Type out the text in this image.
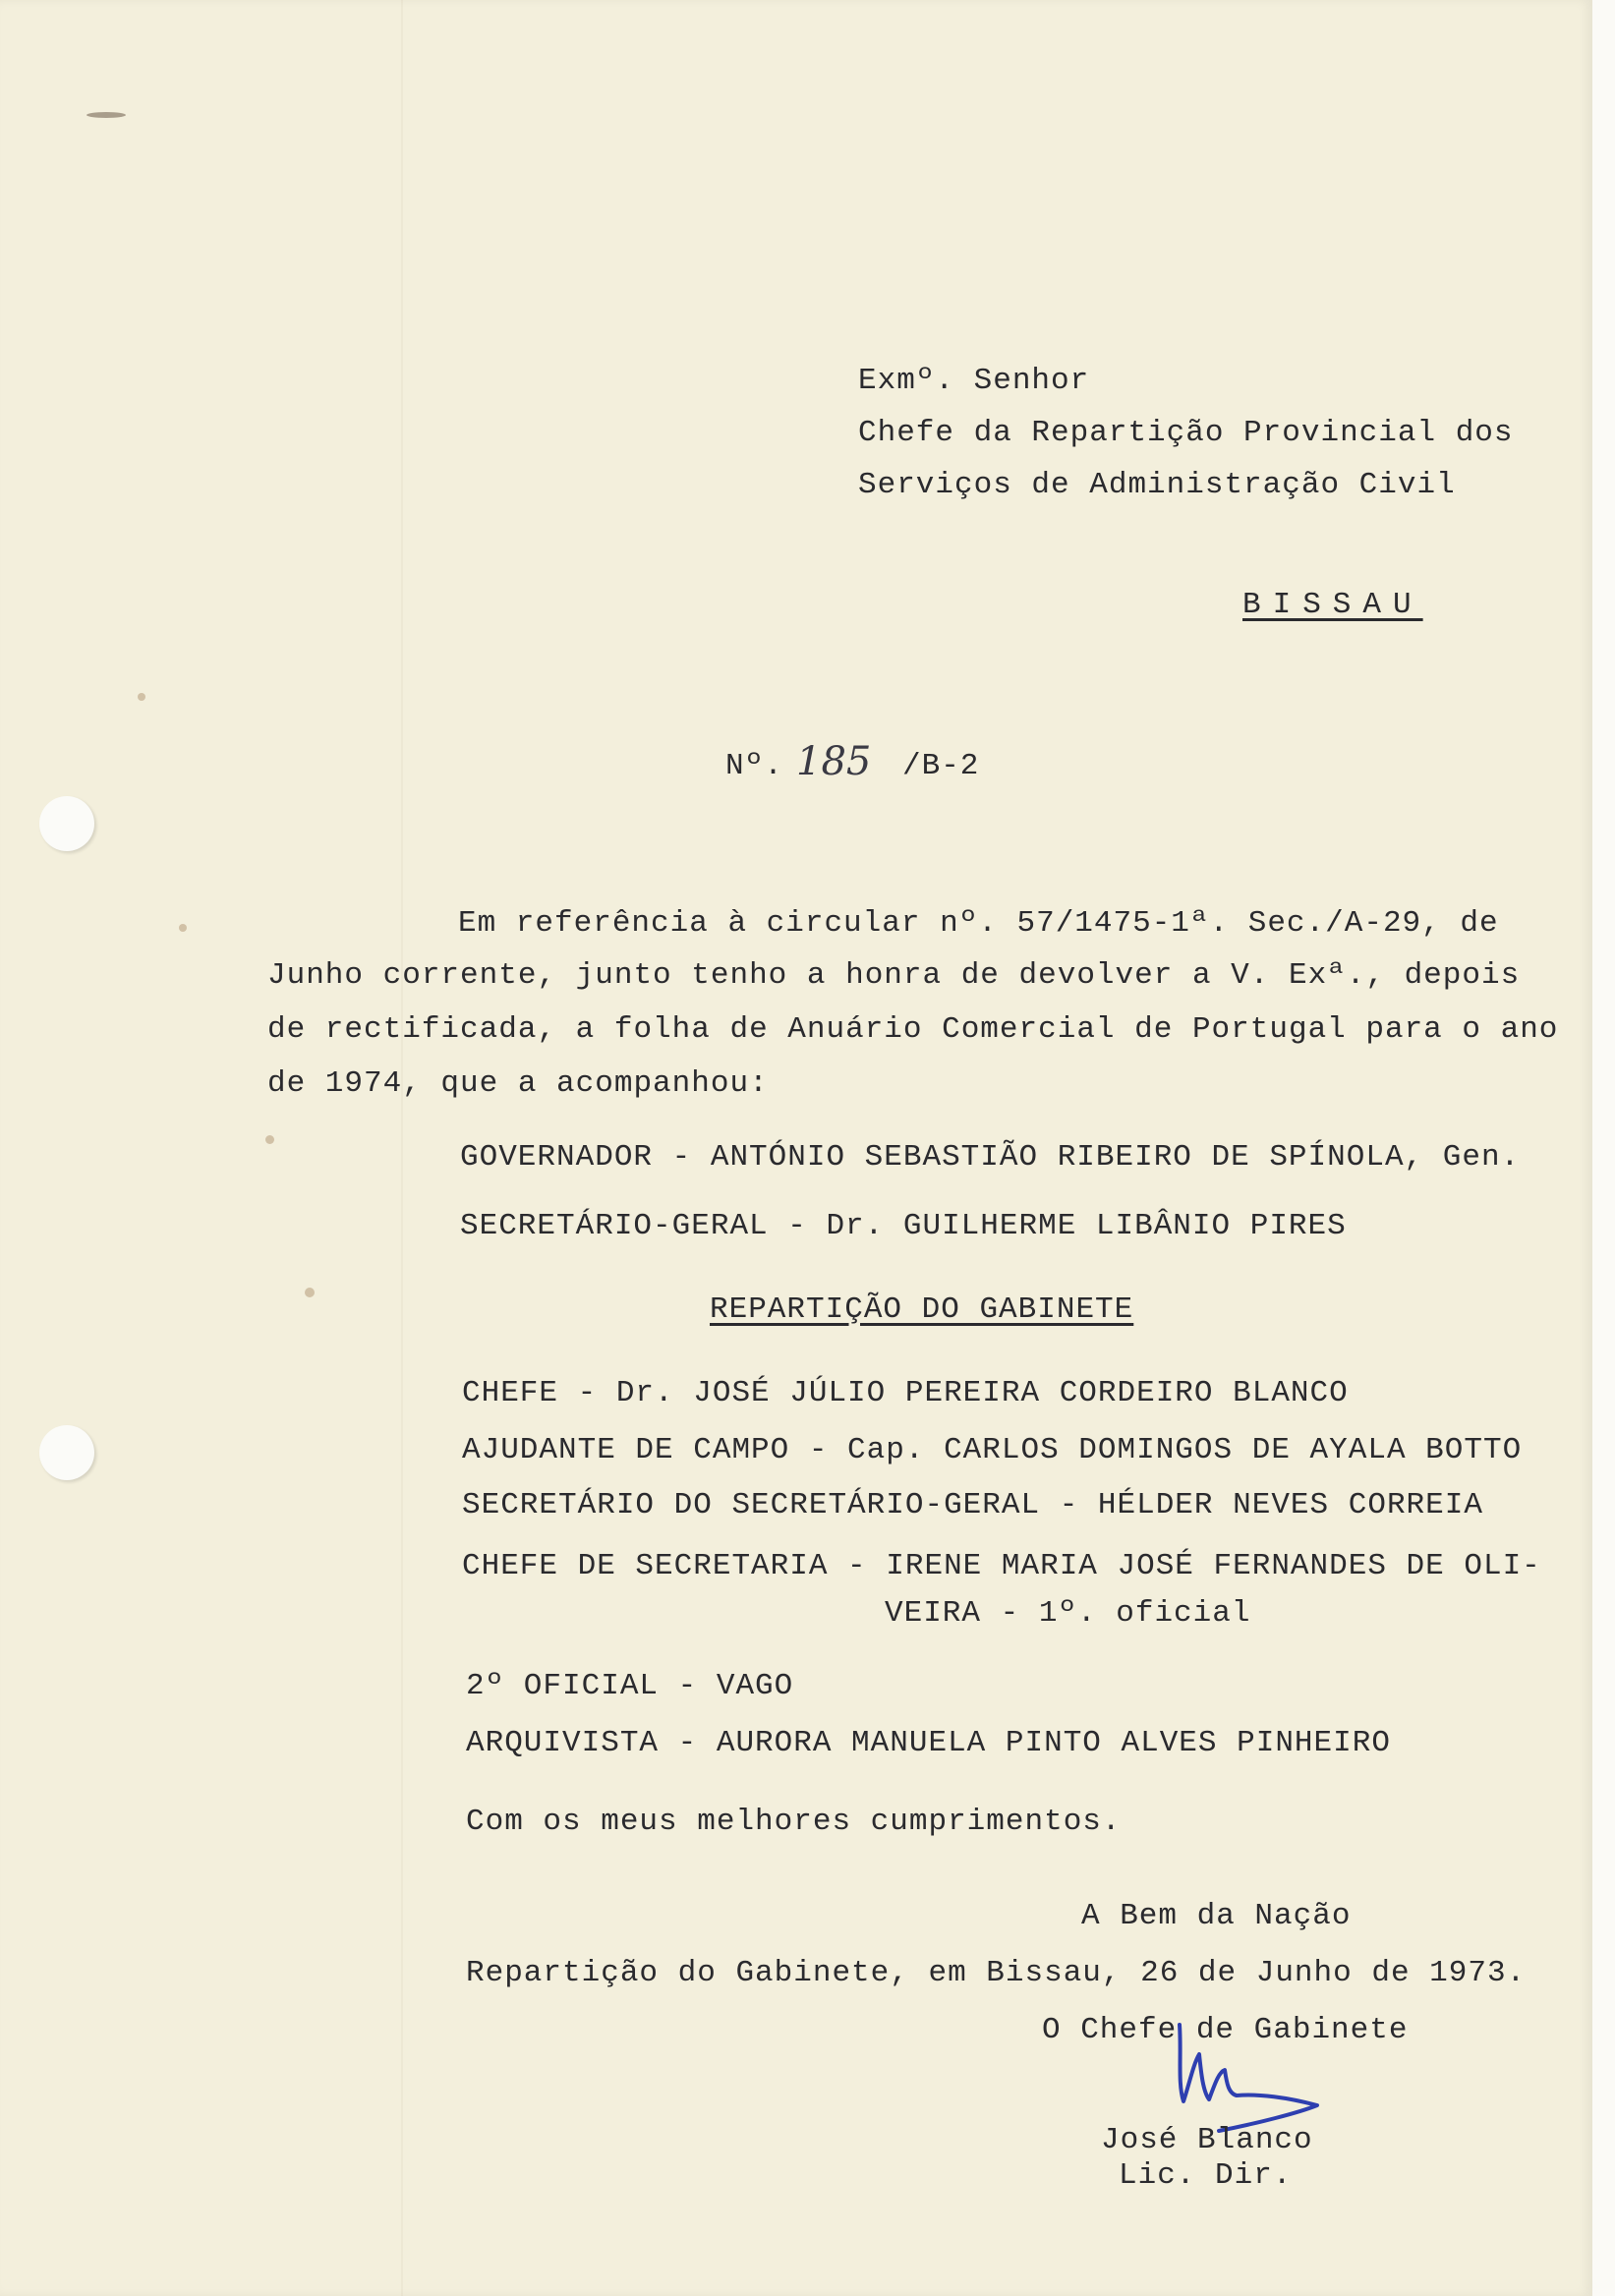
Exmº. Senhor
Chefe da Repartição Provincial dos
Serviços de Administração Civil
BISSAU
Nº. 185 /B-2
Em referência à circular nº. 57/1475-1ª. Sec./A-29, de
Junho corrente, junto tenho a honra de devolver a V. Exª., depois
de rectificada, a folha de Anuário Comercial de Portugal para o ano
de 1974, que a acompanhou:
GOVERNADOR - ANTÓNIO SEBASTIÃO RIBEIRO DE SPÍNOLA, Gen.
SECRETÁRIO-GERAL - Dr. GUILHERME LIBÂNIO PIRES
REPARTIÇÃO DO GABINETE
CHEFE - Dr. JOSÉ JÚLIO PEREIRA CORDEIRO BLANCO
AJUDANTE DE CAMPO - Cap. CARLOS DOMINGOS DE AYALA BOTTO
SECRETÁRIO DO SECRETÁRIO-GERAL - HÉLDER NEVES CORREIA
CHEFE DE SECRETARIA - IRENE MARIA JOSÉ FERNANDES DE OLI-
VEIRA - 1º. oficial
2º OFICIAL - VAGO
ARQUIVISTA - AURORA MANUELA PINTO ALVES PINHEIRO
Com os meus melhores cumprimentos.
A Bem da Nação
Repartição do Gabinete, em Bissau, 26 de Junho de 1973.
O Chefe de Gabinete
José Blanco
Lic. Dir.
